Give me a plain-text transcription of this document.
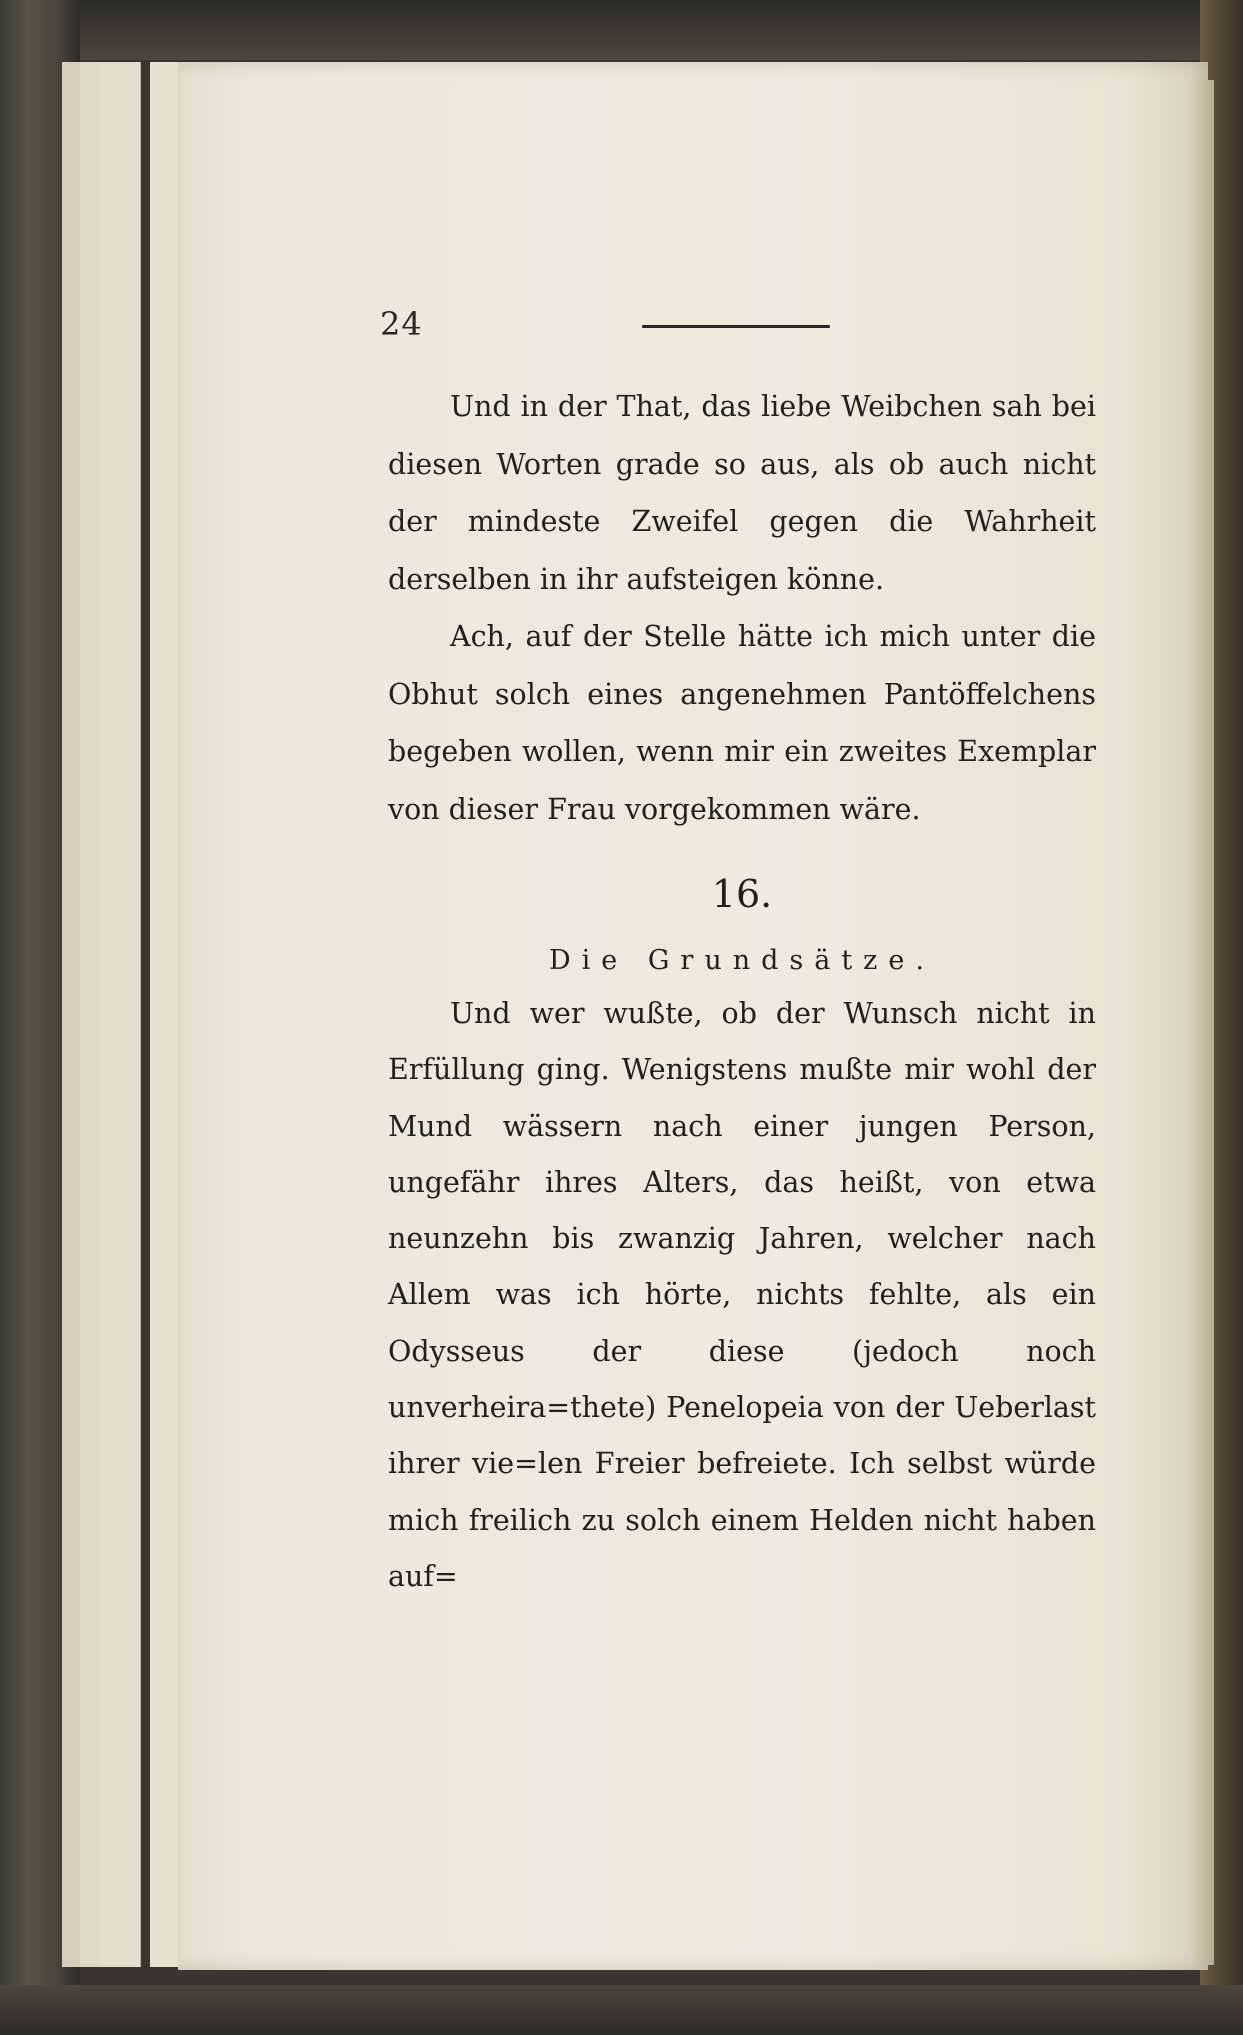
24

Und in der That, das liebe Weibchen sah bei diesen Worten grade so aus, als ob auch nicht der mindeste Zweifel gegen die Wahrheit derselben in ihr aufsteigen könne.

Ach, auf der Stelle hätte ich mich unter die Obhut solch eines angenehmen Pantöffelchens begeben wollen, wenn mir ein zweites Exemplar von dieser Frau vorgekommen wäre.

16.
Die Grundsätze.

Und wer wußte, ob der Wunsch nicht in Erfüllung ging. Wenigstens mußte mir wohl der Mund wässern nach einer jungen Person, ungefähr ihres Alters, das heißt, von etwa neunzehn bis zwanzig Jahren, welcher nach Allem was ich hörte, nichts fehlte, als ein Odysseus der diese (jedoch noch unverheira=thete) Penelopeia von der Ueberlast ihrer vie=len Freier befreiete. Ich selbst würde mich freilich zu solch einem Helden nicht haben auf=
